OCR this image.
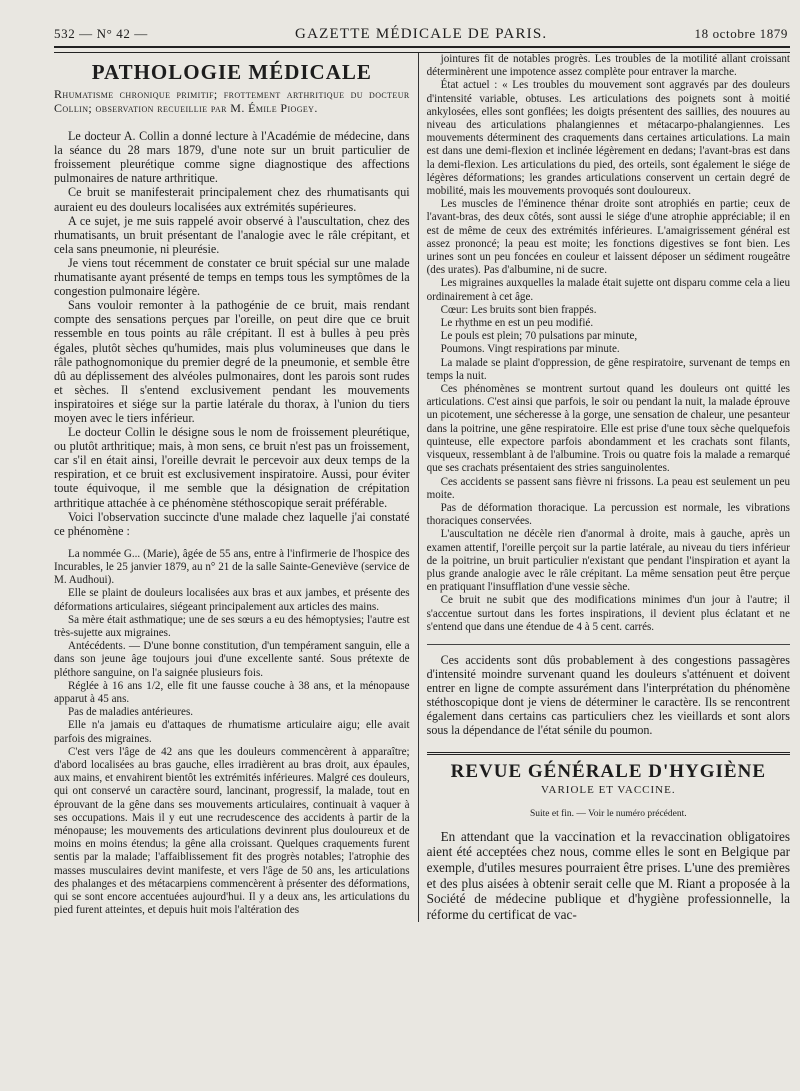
532 — N° 42 —	GAZETTE MÉDICALE DE PARIS.	18 octobre 1879
PATHOLOGIE MÉDICALE

Rhumatisme chronique primitif; frottement arthritique du docteur Collin; observation recueillie par M. Émile Piogey.

Le docteur A. Collin a donné lecture à l'Académie de médecine, dans la séance du 28 mars 1879, d'une note sur un bruit particulier de froissement pleurétique comme signe diagnostique des affections pulmonaires de nature arthritique.

Ce bruit se manifesterait principalement chez des rhumatisants qui auraient eu des douleurs localisées aux extrémités supérieures.

A ce sujet, je me suis rappelé avoir observé à l'auscultation, chez des rhumatisants, un bruit présentant de l'analogie avec le râle crépitant, et cela sans pneumonie, ni pleurésie.

Je viens tout récemment de constater ce bruit spécial sur une malade rhumatisante ayant présenté de temps en temps tous les symptômes de la congestion pulmonaire légère.

Sans vouloir remonter à la pathogénie de ce bruit, mais rendant compte des sensations perçues par l'oreille, on peut dire que ce bruit ressemble en tous points au râle crépitant. Il est à bulles à peu près égales, plutôt sèches qu'humides, mais plus volumineuses que dans le râle pathognomonique du premier degré de la pneumonie, et semble être dû au déplissement des alvéoles pulmonaires, dont les parois sont rudes et sèches. Il s'entend exclusivement pendant les mouvements inspiratoires et siége sur la partie latérale du thorax, à l'union du tiers moyen avec le tiers inférieur.

Le docteur Collin le désigne sous le nom de froissement pleurétique, ou plutôt arthritique; mais, à mon sens, ce bruit n'est pas un froissement, car s'il en était ainsi, l'oreille devrait le percevoir aux deux temps de la respiration, et ce bruit est exclusivement inspiratoire. Aussi, pour éviter toute équivoque, il me semble que la désignation de crépitation arthritique attachée à ce phénomène stéthoscopique serait préférable.

Voici l'observation succincte d'une malade chez laquelle j'ai constaté ce phénomène :

La nommée G... (Marie), âgée de 55 ans, entre à l'infirmerie de l'hospice des Incurables, le 25 janvier 1879, au n° 21 de la salle Sainte-Geneviève (service de M. Audhoui).

Elle se plaint de douleurs localisées aux bras et aux jambes, et présente des déformations articulaires, siégeant principalement aux articles des mains.

Sa mère était asthmatique; une de ses sœurs a eu des hémoptysies; l'autre est très-sujette aux migraines.

Antécédents. — D'une bonne constitution, d'un tempérament sanguin, elle a dans son jeune âge toujours joui d'une excellente santé. Sous prétexte de pléthore sanguine, on l'a saignée plusieurs fois.

Réglée à 16 ans 1/2, elle fit une fausse couche à 38 ans, et la ménopause apparut à 45 ans.

Pas de maladies antérieures.

Elle n'a jamais eu d'attaques de rhumatisme articulaire aigu; elle avait parfois des migraines.

C'est vers l'âge de 42 ans que les douleurs commencèrent à apparaître; d'abord localisées au bras gauche, elles irradièrent au bras droit, aux épaules, aux mains, et envahirent bientôt les extrémités inférieures. Malgré ces douleurs, qui ont conservé un caractère sourd, lancinant, progressif, la malade, tout en éprouvant de la gêne dans ses mouvements articulaires, continuait à vaquer à ses occupations. Mais il y eut une recrudescence des accidents à partir de la ménopause; les mouvements des articulations devinrent plus douloureux et de moins en moins étendus; la gêne alla croissant. Quelques craquements furent sentis par la malade; l'affaiblissement fit des progrès notables; l'atrophie des masses musculaires devint manifeste, et vers l'âge de 50 ans, les articulations des phalanges et des métacarpiens commencèrent à présenter des déformations, qui se sont encore accentuées aujourd'hui. Il y a deux ans, les articulations du pied furent atteintes, et depuis huit mois l'altération des

jointures fit de notables progrès. Les troubles de la motilité allant croissant déterminèrent une impotence assez complète pour entraver la marche.

État actuel : « Les troubles du mouvement sont aggravés par des douleurs d'intensité variable, obtuses. Les articulations des poignets sont à moitié ankylosées, elles sont gonflées; les doigts présentent des saillies, des nouures au niveau des articulations phalangiennes et métacarpo-phalangiennes. Les mouvements déterminent des craquements dans certaines articulations. La main est dans une demi-flexion et inclinée légèrement en dedans; l'avant-bras est dans la demi-flexion. Les articulations du pied, des orteils, sont également le siége de légères déformations; les grandes articulations conservent un certain degré de mobilité, mais les mouvements provoqués sont douloureux.

Les muscles de l'éminence thénar droite sont atrophiés en partie; ceux de l'avant-bras, des deux côtés, sont aussi le siége d'une atrophie appréciable; il en est de même de ceux des extrémités inférieures. L'amaigrissement général est assez prononcé; la peau est moite; les fonctions digestives se font bien. Les urines sont un peu foncées en couleur et laissent déposer un sédiment rougeâtre (des urates). Pas d'albumine, ni de sucre.

Les migraines auxquelles la malade était sujette ont disparu comme cela a lieu ordinairement à cet âge.

Cœur: Les bruits sont bien frappés.

Le rhythme en est un peu modifié.

Le pouls est plein; 70 pulsations par minute,

Poumons. Vingt respirations par minute.

La malade se plaint d'oppression, de gêne respiratoire, survenant de temps en temps la nuit.

Ces phénomènes se montrent surtout quand les douleurs ont quitté les articulations. C'est ainsi que parfois, le soir ou pendant la nuit, la malade éprouve un picotement, une sécheresse à la gorge, une sensation de chaleur, une pesanteur dans la poitrine, une gêne respiratoire. Elle est prise d'une toux sèche quelquefois quinteuse, elle expectore parfois abondamment et les crachats sont filants, visqueux, ressemblant à de l'albumine. Trois ou quatre fois la malade a remarqué que ses crachats présentaient des stries sanguinolentes.

Ces accidents se passent sans fièvre ni frissons. La peau est seulement un peu moite.

Pas de déformation thoracique. La percussion est normale, les vibrations thoraciques conservées.

L'auscultation ne décèle rien d'anormal à droite, mais à gauche, après un examen attentif, l'oreille perçoit sur la partie latérale, au niveau du tiers inférieur de la poitrine, un bruit particulier n'existant que pendant l'inspiration et ayant la plus grande analogie avec le râle crépitant. La même sensation peut être perçue en pratiquant l'insufflation d'une vessie sèche.

Ce bruit ne subit que des modifications minimes d'un jour à l'autre; il s'accentue surtout dans les fortes inspirations, il devient plus éclatant et ne s'entend que dans une étendue de 4 à 5 cent. carrés.

Ces accidents sont dûs probablement à des congestions passagères d'intensité moindre survenant quand les douleurs s'atténuent et doivent entrer en ligne de compte assurément dans l'interprétation du phénomène stéthoscopique dont je viens de déterminer le caractère. Ils se rencontrent également dans certains cas particuliers chez les vieillards et sont alors sous la dépendance de l'état sénile du poumon.

REVUE GÉNÉRALE D'HYGIÈNE
VARIOLE ET VACCINE.
Suite et fin. — Voir le numéro précédent.

En attendant que la vaccination et la revaccination obligatoires aient été acceptées chez nous, comme elles le sont en Belgique par exemple, d'utiles mesures pourraient être prises. L'une des premières et des plus aisées à obtenir serait celle que M. Riant a proposée à la Société de médecine publique et d'hygiène professionnelle, la réforme du certificat de vac-
